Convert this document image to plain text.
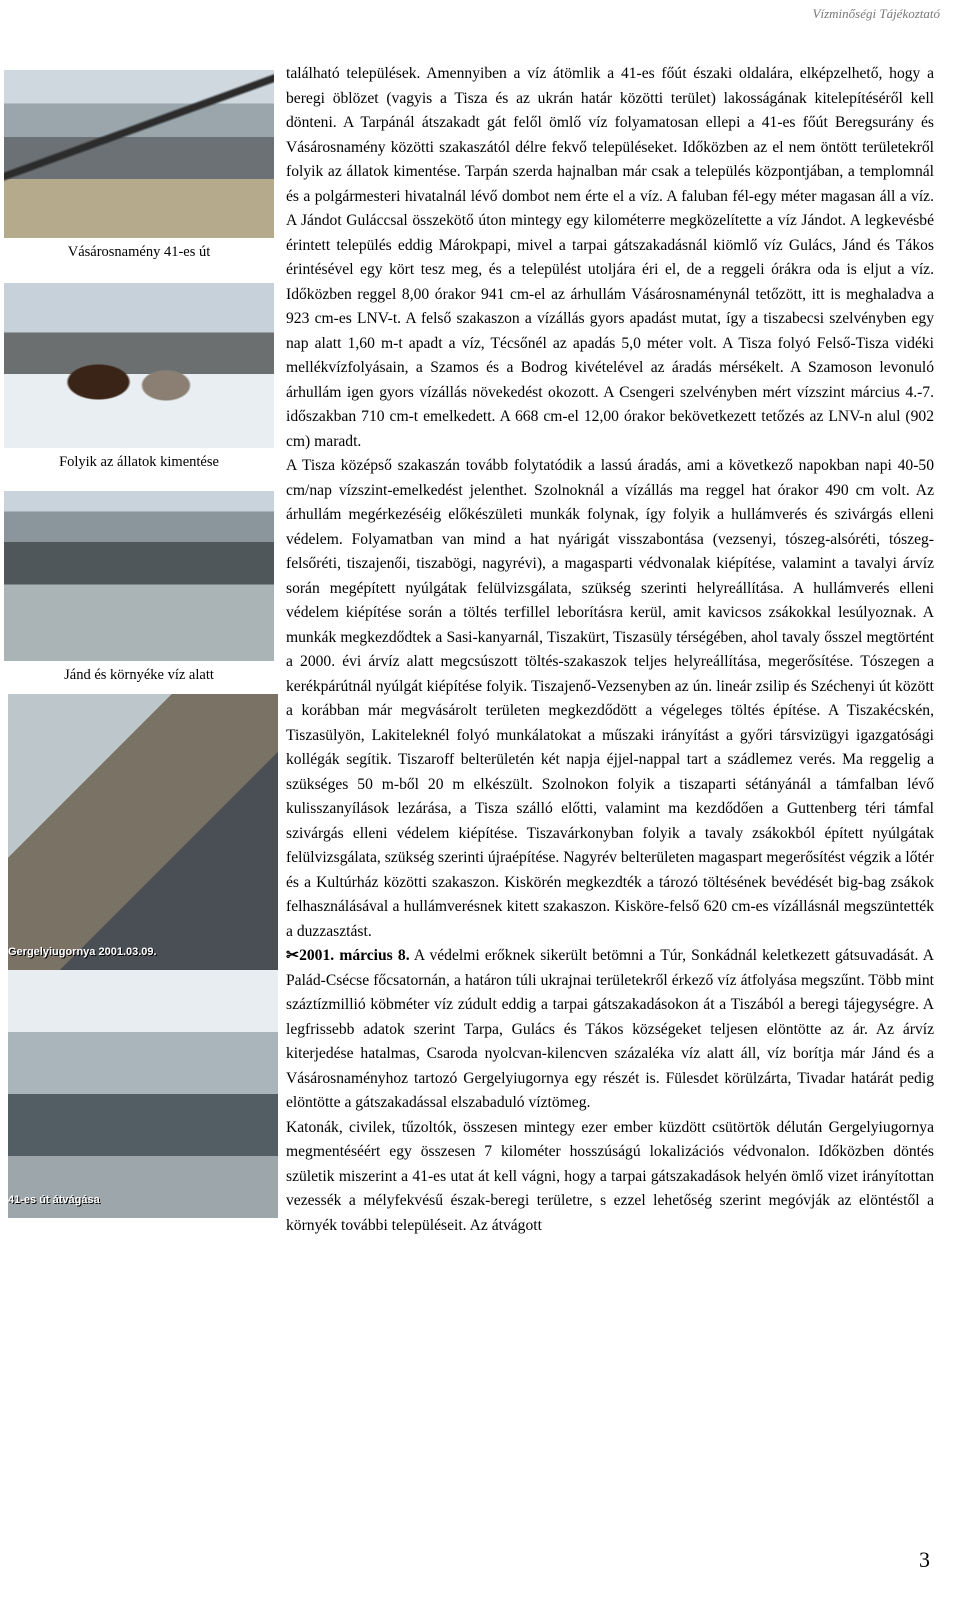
Vízminőségi Tájékoztató
Vásárosnamény 41-es út
Folyik az állatok kimentése
Jánd és környéke víz alatt
Gergelyiugornya 2001.03.09.
41-es út átvágása

található települések. Amennyiben a víz átömlik a 41-es főút északi oldalára, elképzelhető, hogy a beregi öblözet (vagyis a Tisza és az ukrán határ közötti terület) lakosságának kitelepítéséről kell dönteni. A Tarpánál átszakadt gát felől ömlő víz folyamatosan ellepi a 41-es főút Beregsurány és Vásárosnamény közötti szakaszától délre fekvő településeket. Időközben az el nem öntött területekről folyik az állatok kimentése. Tarpán szerda hajnalban már csak a település központjában, a templomnál és a polgármesteri hivatalnál lévő dombot nem érte el a víz. A faluban fél-egy méter magasan áll a víz. A Jándot Guláccsal összekötő úton mintegy egy kilométerre megközelítette a víz Jándot. A legkevésbé érintett település eddig Márokpapi, mivel a tarpai gátszakadásnál kiömlő víz Gulács, Jánd és Tákos érintésével egy kört tesz meg, és a települést utoljára éri el, de a reggeli órákra oda is eljut a víz. Időközben reggel 8,00 órakor 941 cm-el az árhullám Vásárosnaménynál tetőzött, itt is meghaladva a 923 cm-es LNV-t. A felső szakaszon a vízállás gyors apadást mutat, így a tiszabecsi szelvényben egy nap alatt 1,60 m-t apadt a víz, Técsőnél az apadás 5,0 méter volt. A Tisza folyó Felső-Tisza vidéki mellékvízfolyásain, a Szamos és a Bodrog kivételével az áradás mérsékelt. A Szamoson levonuló árhullám igen gyors vízállás növekedést okozott. A Csengeri szelvényben mért vízszint március 4.-7. időszakban 710 cm-t emelkedett. A 668 cm-el 12,00 órakor bekövetkezett tetőzés az LNV-n alul (902 cm) maradt.

A Tisza középső szakaszán tovább folytatódik a lassú áradás, ami a következő napokban napi 40-50 cm/nap vízszint-emelkedést jelenthet. Szolnoknál a vízállás ma reggel hat órakor 490 cm volt. Az árhullám megérkezéséig előkészületi munkák folynak, így folyik a hullámverés és szivárgás elleni védelem. Folyamatban van mind a hat nyárigát visszabontása (vezsenyi, tószeg-alsóréti, tószeg-felsőréti, tiszajenői, tiszabögi, nagyrévi), a magasparti védvonalak kiépítése, valamint a tavalyi árvíz során megépített nyúlgátak felülvizsgálata, szükség szerinti helyreállítása. A hullámverés elleni védelem kiépítése során a töltés terfillel leborításra kerül, amit kavicsos zsákokkal lesúlyoznak. A munkák megkezdődtek a Sasi-kanyarnál, Tiszakürt, Tiszasüly térségében, ahol tavaly ősszel megtörtént a 2000. évi árvíz alatt megcsúszott töltés-szakaszok teljes helyreállítása, megerősítése. Tószegen a kerékpárútnál nyúlgát kiépítése folyik. Tiszajenő-Vezsenyben az ún. lineár zsilip és Széchenyi út között a korábban már megvásárolt területen megkezdődött a végeleges töltés építése. A Tiszakécskén, Tiszasülyön, Lakiteleknél folyó munkálatokat a műszaki irányítást a győri társvizügyi igazgatósági kollégák segítik. Tiszaroff belterületén két napja éjjel-nappal tart a szádlemez verés. Ma reggelig a szükséges 50 m-ből 20 m elkészült. Szolnokon folyik a tiszaparti sétányánál a támfalban lévő kulisszanyílások lezárása, a Tisza szálló előtti, valamint ma kezdődően a Guttenberg téri támfal szivárgás elleni védelem kiépítése. Tiszavárkonyban folyik a tavaly zsákokból épített nyúlgátak felülvizsgálata, szükség szerinti újraépítése. Nagyrév belterületen magaspart megerősítést végzik a lőtér és a Kultúrház közötti szakaszon. Kiskörén megkezdték a tározó töltésének bevédését big-bag zsákok felhasználásával a hullámverésnek kitett szakaszon. Kisköre-felső 620 cm-es vízállásnál megszüntették a duzzasztást.

✂2001. március 8. A védelmi erőknek sikerült betömni a Túr, Sonkádnál keletkezett gátsuvadását. A Palád-Csécse főcsatornán, a határon túli ukrajnai területekről érkező víz átfolyása megszűnt. Több mint száztízmillió köbméter víz zúdult eddig a tarpai gátszakadásokon át a Tiszából a beregi tájegységre. A legfrissebb adatok szerint Tarpa, Gulács és Tákos községeket teljesen elöntötte az ár. Az árvíz kiterjedése hatalmas, Csaroda nyolcvan-kilencven százaléka víz alatt áll, víz borítja már Jánd és a Vásárosnaményhoz tartozó Gergelyiugornya egy részét is. Fülesdet körülzárta, Tivadar határát pedig elöntötte a gátszakadással elszabaduló víztömeg.

Katonák, civilek, tűzoltók, összesen mintegy ezer ember küzdött csütörtök délután Gergelyiugornya megmentéséért egy összesen 7 kilométer hosszúságú lokalizációs védvonalon. Időközben döntés születik miszerint a 41-es utat át kell vágni, hogy a tarpai gátszakadások helyén ömlő vizet irányítottan vezessék a mélyfekvésű észak-beregi területre, s ezzel lehetőség szerint megóvják az elöntéstől a környék további településeit. Az átvágott

3
